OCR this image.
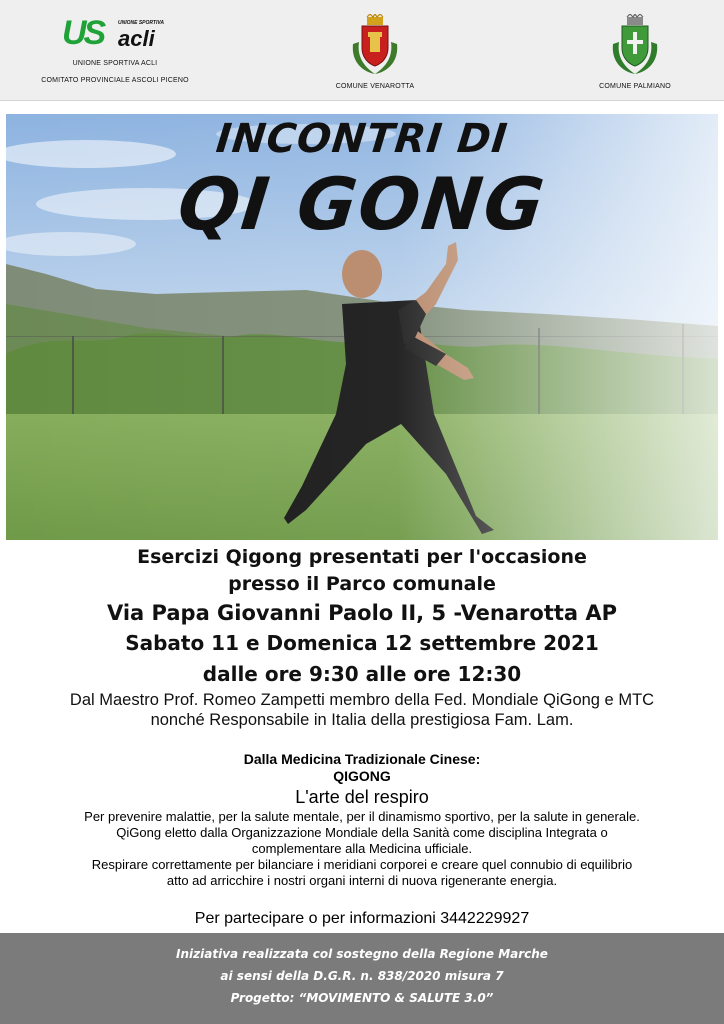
US	UNIONE SPORTIVA
acli
UNIONE SPORTIVA ACLI
COMITATO PROVINCIALE ASCOLI PICENO
COMUNE VENAROTTA	COMUNE PALMIANO
INCONTRI DI
QI GONG
Esercizi Qigong presentati per l'occasione
presso il Parco comunale
Via Papa Giovanni Paolo II, 5 -Venarotta AP
Sabato 11 e Domenica 12 settembre 2021
dalle ore 9:30 alle ore 12:30
Dal Maestro Prof. Romeo Zampetti membro della Fed. Mondiale QiGong e MTC
nonché Responsabile in Italia della prestigiosa Fam. Lam.
Dalla Medicina Tradizionale Cinese:
QIGONG
L'arte del respiro
Per prevenire malattie, per la salute mentale, per il dinamismo sportivo, per la salute in generale.
QiGong eletto dalla Organizzazione Mondiale della Sanità come disciplina Integrata o
complementare alla Medicina ufficiale.
Respirare correttamente per bilanciare i meridiani corporei e creare quel connubio di equilibrio
atto ad arricchire i nostri organi interni di nuova rigenerante energia.
Per partecipare o per informazioni 3442229927
Iniziativa realizzata col sostegno della Regione Marche
ai sensi della D.G.R. n. 838/2020 misura 7
Progetto: “MOVIMENTO & SALUTE 3.0”
